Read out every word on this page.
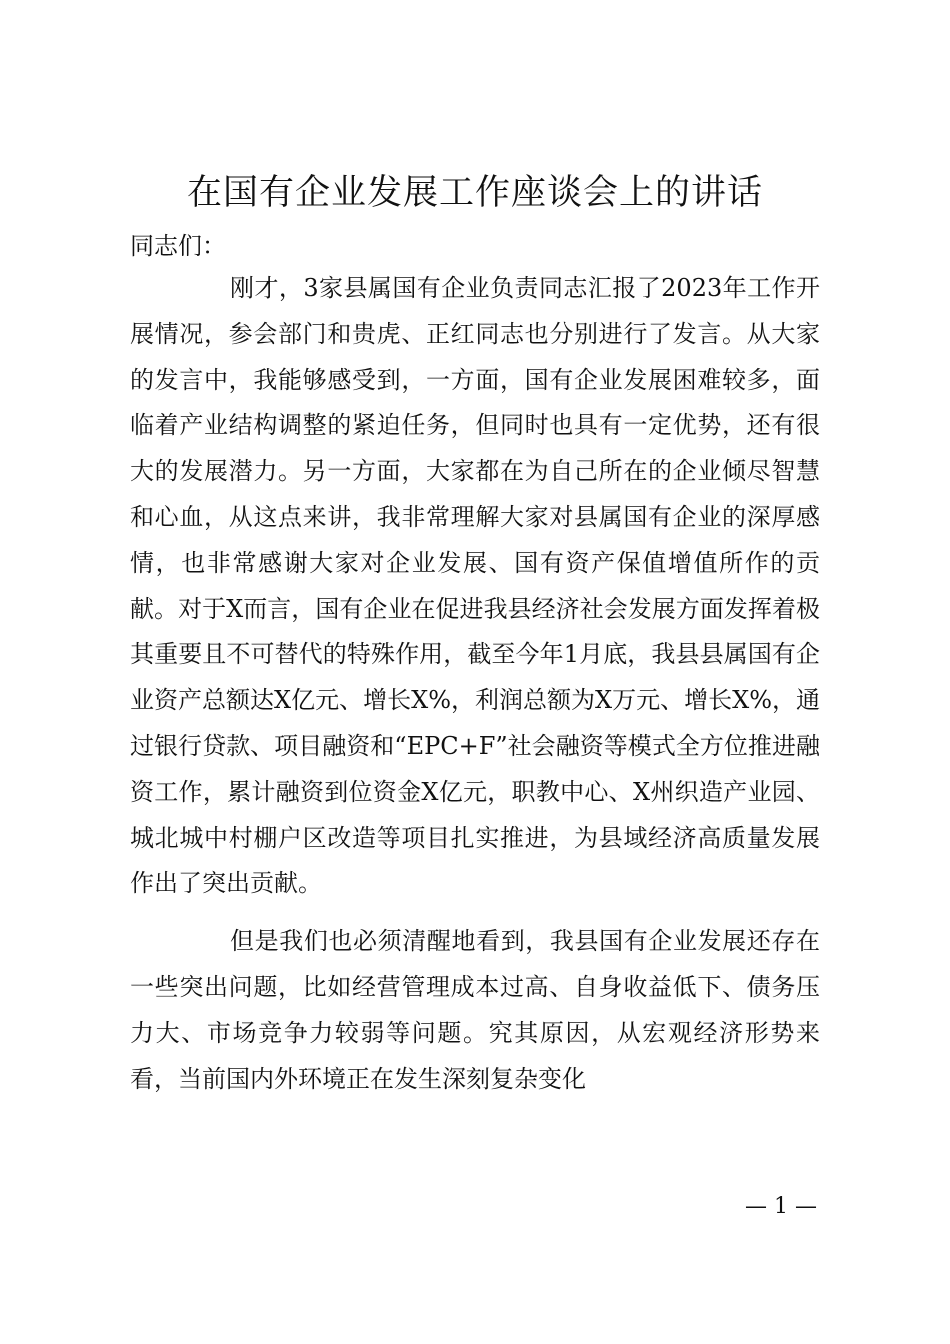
在国有企业发展工作座谈会上的讲话

同志们：

刚才，3家县属国有企业负责同志汇报了2023年工作开展情况，参会部门和贵虎、正红同志也分别进行了发言。从大家的发言中，我能够感受到，一方面，国有企业发展困难较多，面临着产业结构调整的紧迫任务，但同时也具有一定优势，还有很大的发展潜力。另一方面，大家都在为自己所在的企业倾尽智慧和心血，从这点来讲，我非常理解大家对县属国有企业的深厚感情，也非常感谢大家对企业发展、国有资产保值增值所作的贡献。对于X而言，国有企业在促进我县经济社会发展方面发挥着极其重要且不可替代的特殊作用，截至今年1月底，我县县属国有企业资产总额达X亿元、增长X%，利润总额为X万元、增长X%，通过银行贷款、项目融资和“EPC+F”社会融资等模式全方位推进融资工作，累计融资到位资金X亿元，职教中心、X州织造产业园、城北城中村棚户区改造等项目扎实推进，为县域经济高质量发展作出了突出贡献。

但是我们也必须清醒地看到，我县国有企业发展还存在一些突出问题，比如经营管理成本过高、自身收益低下、债务压力大、市场竞争力较弱等问题。究其原因，从宏观经济形势来看，当前国内外环境正在发生深刻复杂变化

— 1 —
